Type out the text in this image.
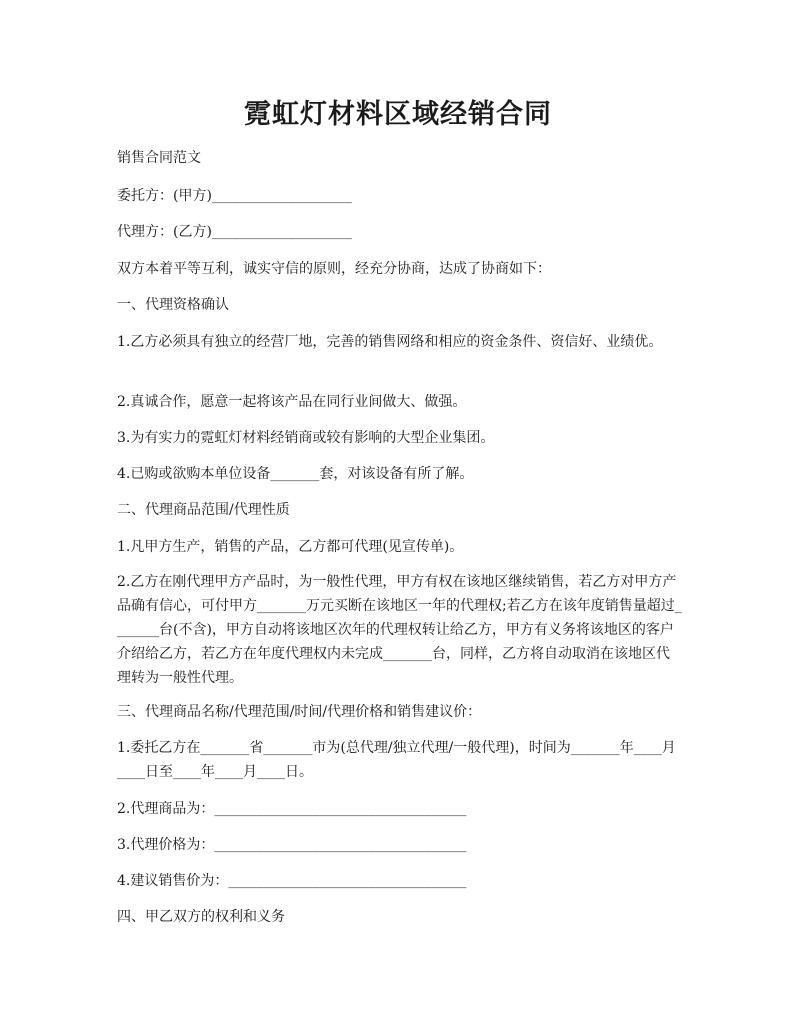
霓虹灯材料区域经销合同

销售合同范文

委托方：(甲方)____________________

代理方：(乙方)____________________

双方本着平等互利，诚实守信的原则，经充分协商，达成了协商如下：

一、代理资格确认

1.乙方必须具有独立的经营厂地，完善的销售网络和相应的资金条件、资信好、业绩优。

2.真诚合作，愿意一起将该产品在同行业间做大、做强。

3.为有实力的霓虹灯材料经销商或较有影响的大型企业集团。

4.已购或欲购本单位设备_______套，对该设备有所了解。

二、代理商品范围/代理性质

1.凡甲方生产，销售的产品，乙方都可代理(见宣传单)。

2.乙方在刚代理甲方产品时，为一般性代理，甲方有权在该地区继续销售，若乙方对甲方产品确有信心，可付甲方_______万元买断在该地区一年的代理权;若乙方在该年度销售量超过_______台(不含)，甲方自动将该地区次年的代理权转让给乙方，甲方有义务将该地区的客户介绍给乙方，若乙方在年度代理权内未完成_______台，同样，乙方将自动取消在该地区代理转为一般性代理。

三、代理商品名称/代理范围/时间/代理价格和销售建议价：

1.委托乙方在_______省_______市为(总代理/独立代理/一般代理)，时间为_______年____月____日至____年____月____日。

2.代理商品为：____________________________________

3.代理价格为：____________________________________

4.建议销售价为：__________________________________

四、甲乙双方的权利和义务
